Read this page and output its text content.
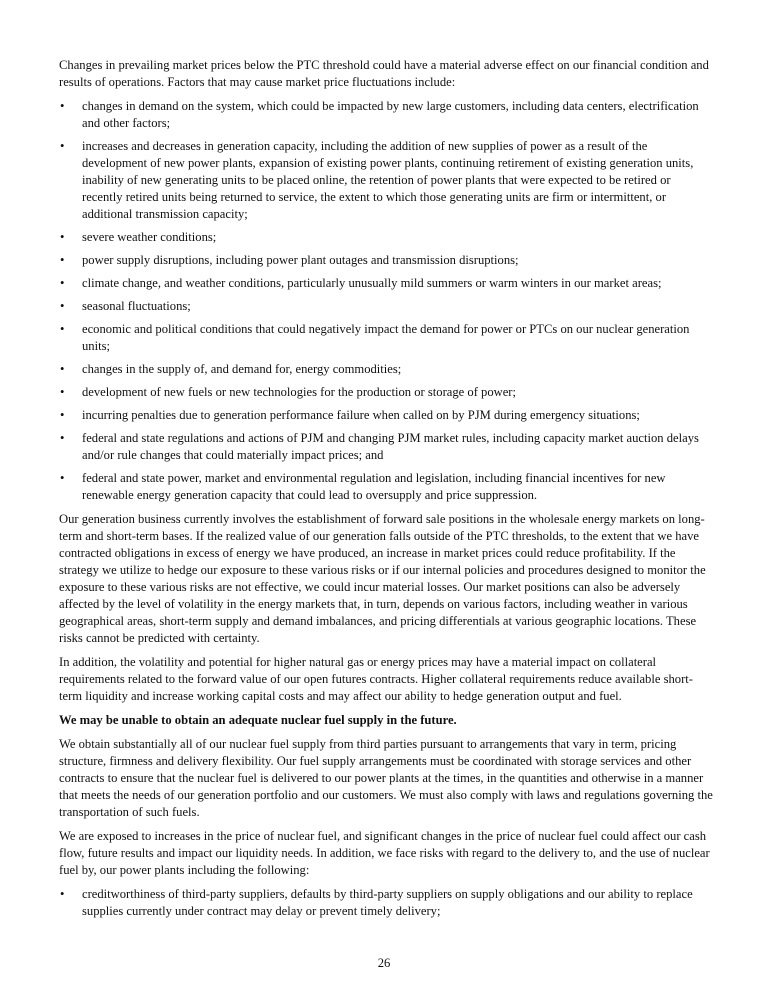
Changes in prevailing market prices below the PTC threshold could have a material adverse effect on our financial condition and results of operations. Factors that may cause market price fluctuations include:

• changes in demand on the system, which could be impacted by new large customers, including data centers, electrification and other factors;
• increases and decreases in generation capacity, including the addition of new supplies of power as a result of the development of new power plants, expansion of existing power plants, continuing retirement of existing generation units, inability of new generating units to be placed online, the retention of power plants that were expected to be retired or recently retired units being returned to service, the extent to which those generating units are firm or intermittent, or additional transmission capacity;
• severe weather conditions;
• power supply disruptions, including power plant outages and transmission disruptions;
• climate change, and weather conditions, particularly unusually mild summers or warm winters in our market areas;
• seasonal fluctuations;
• economic and political conditions that could negatively impact the demand for power or PTCs on our nuclear generation units;
• changes in the supply of, and demand for, energy commodities;
• development of new fuels or new technologies for the production or storage of power;
• incurring penalties due to generation performance failure when called on by PJM during emergency situations;
• federal and state regulations and actions of PJM and changing PJM market rules, including capacity market auction delays and/or rule changes that could materially impact prices; and
• federal and state power, market and environmental regulation and legislation, including financial incentives for new renewable energy generation capacity that could lead to oversupply and price suppression.

Our generation business currently involves the establishment of forward sale positions in the wholesale energy markets on long-term and short-term bases. If the realized value of our generation falls outside of the PTC thresholds, to the extent that we have contracted obligations in excess of energy we have produced, an increase in market prices could reduce profitability. If the strategy we utilize to hedge our exposure to these various risks or if our internal policies and procedures designed to monitor the exposure to these various risks are not effective, we could incur material losses. Our market positions can also be adversely affected by the level of volatility in the energy markets that, in turn, depends on various factors, including weather in various geographical areas, short-term supply and demand imbalances, and pricing differentials at various geographic locations. These risks cannot be predicted with certainty.

In addition, the volatility and potential for higher natural gas or energy prices may have a material impact on collateral requirements related to the forward value of our open futures contracts. Higher collateral requirements reduce available short-term liquidity and increase working capital costs and may affect our ability to hedge generation output and fuel.

We may be unable to obtain an adequate nuclear fuel supply in the future.

We obtain substantially all of our nuclear fuel supply from third parties pursuant to arrangements that vary in term, pricing structure, firmness and delivery flexibility. Our fuel supply arrangements must be coordinated with storage services and other contracts to ensure that the nuclear fuel is delivered to our power plants at the times, in the quantities and otherwise in a manner that meets the needs of our generation portfolio and our customers. We must also comply with laws and regulations governing the transportation of such fuels.

We are exposed to increases in the price of nuclear fuel, and significant changes in the price of nuclear fuel could affect our cash flow, future results and impact our liquidity needs. In addition, we face risks with regard to the delivery to, and the use of nuclear fuel by, our power plants including the following:

• creditworthiness of third-party suppliers, defaults by third-party suppliers on supply obligations and our ability to replace supplies currently under contract may delay or prevent timely delivery;
26
